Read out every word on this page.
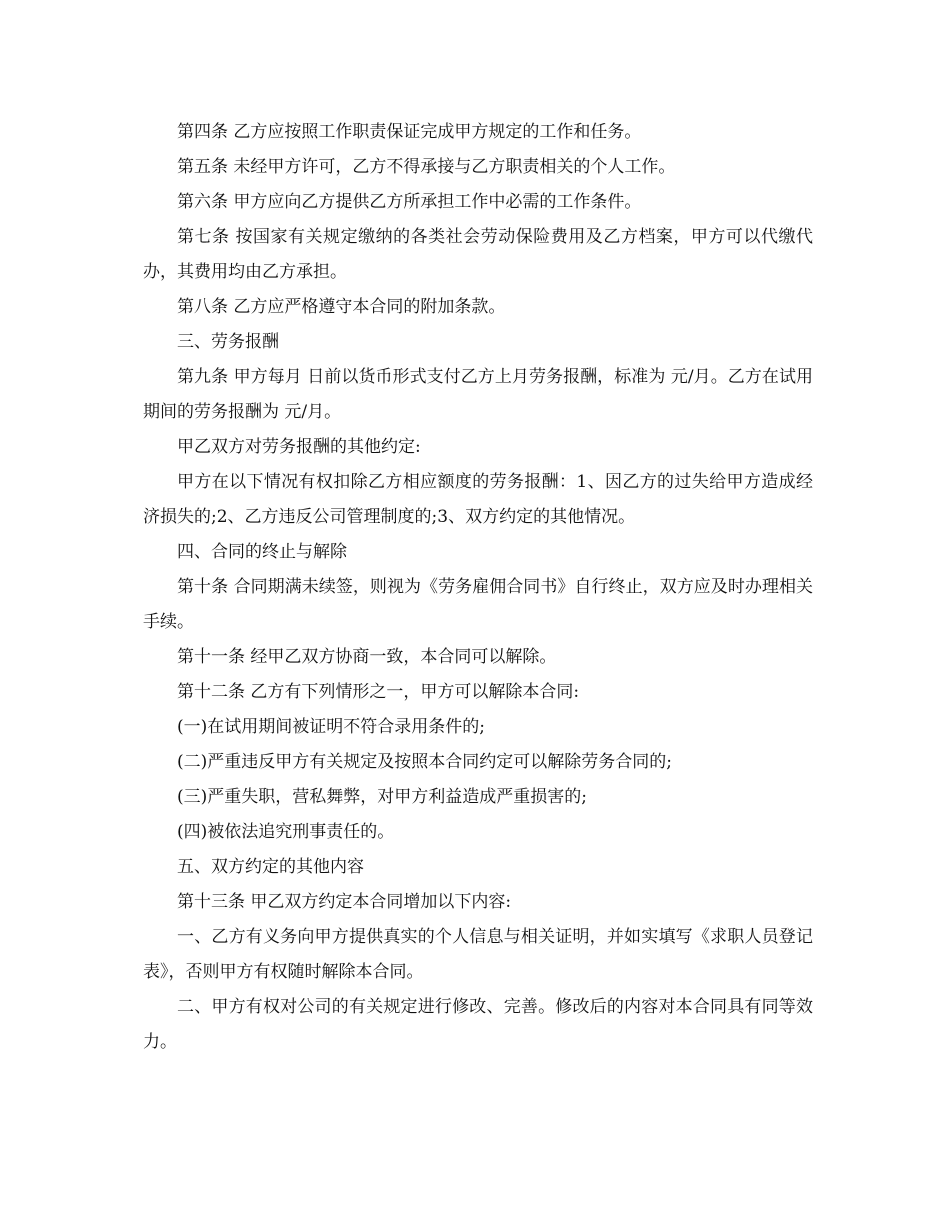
第四条 乙方应按照工作职责保证完成甲方规定的工作和任务。

第五条 未经甲方许可，乙方不得承接与乙方职责相关的个人工作。

第六条 甲方应向乙方提供乙方所承担工作中必需的工作条件。

第七条 按国家有关规定缴纳的各类社会劳动保险费用及乙方档案，甲方可以代缴代办，其费用均由乙方承担。

第八条 乙方应严格遵守本合同的附加条款。

三、劳务报酬

第九条 甲方每月 日前以货币形式支付乙方上月劳务报酬，标准为 元/月。乙方在试用期间的劳务报酬为 元/月。

甲乙双方对劳务报酬的其他约定:

甲方在以下情况有权扣除乙方相应额度的劳务报酬：1、因乙方的过失给甲方造成经济损失的;2、乙方违反公司管理制度的;3、双方约定的其他情况。

四、合同的终止与解除

第十条 合同期满未续签，则视为《劳务雇佣合同书》自行终止，双方应及时办理相关手续。

第十一条 经甲乙双方协商一致，本合同可以解除。

第十二条 乙方有下列情形之一，甲方可以解除本合同:

(一)在试用期间被证明不符合录用条件的;

(二)严重违反甲方有关规定及按照本合同约定可以解除劳务合同的;

(三)严重失职，营私舞弊，对甲方利益造成严重损害的;

(四)被依法追究刑事责任的。

五、双方约定的其他内容

第十三条 甲乙双方约定本合同增加以下内容:

一、乙方有义务向甲方提供真实的个人信息与相关证明，并如实填写《求职人员登记表》，否则甲方有权随时解除本合同。

二、甲方有权对公司的有关规定进行修改、完善。修改后的内容对本合同具有同等效力。
